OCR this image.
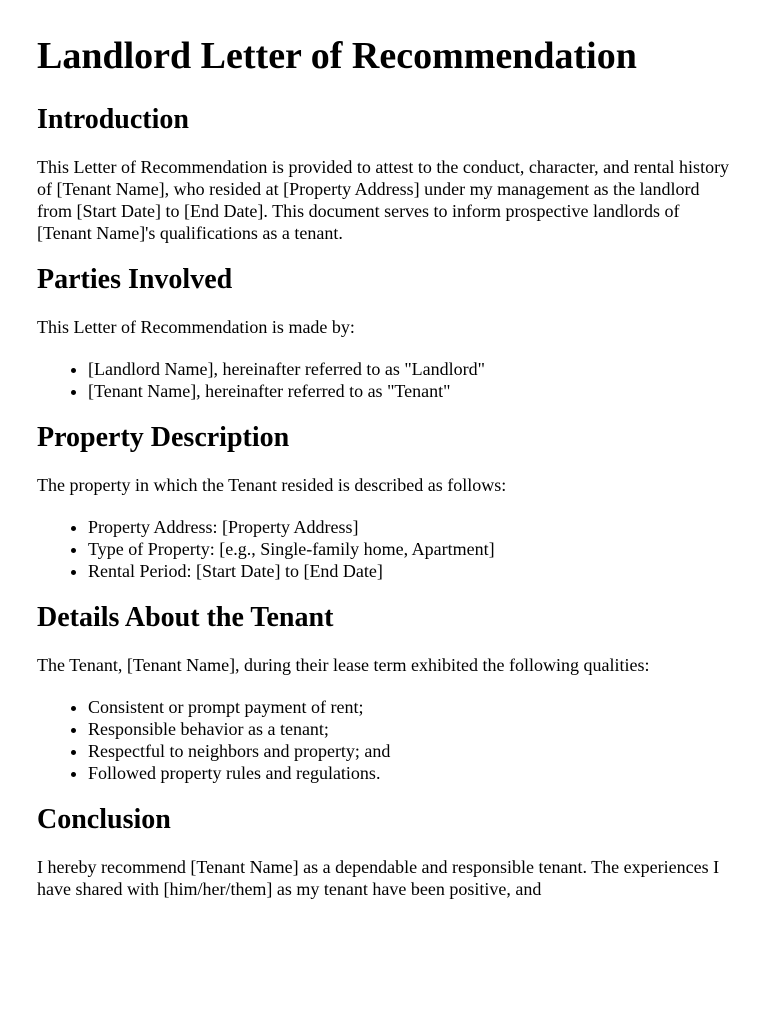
Landlord Letter of Recommendation
Introduction

This Letter of Recommendation is provided to attest to the conduct, character, and rental history of [Tenant Name], who resided at [Property Address] under my management as the landlord from [Start Date] to [End Date]. This document serves to inform prospective landlords of [Tenant Name]'s qualifications as a tenant.

Parties Involved

This Letter of Recommendation is made by:

• [Landlord Name], hereinafter referred to as "Landlord"
• [Tenant Name], hereinafter referred to as "Tenant"
Property Description

The property in which the Tenant resided is described as follows:

• Property Address: [Property Address]
• Type of Property: [e.g., Single-family home, Apartment]
• Rental Period: [Start Date] to [End Date]
Details About the Tenant

The Tenant, [Tenant Name], during their lease term exhibited the following qualities:

• Consistent or prompt payment of rent;
• Responsible behavior as a tenant;
• Respectful to neighbors and property; and
• Followed property rules and regulations.
Conclusion

I hereby recommend [Tenant Name] as a dependable and responsible tenant. The experiences I have shared with [him/her/them] as my tenant have been positive, and
